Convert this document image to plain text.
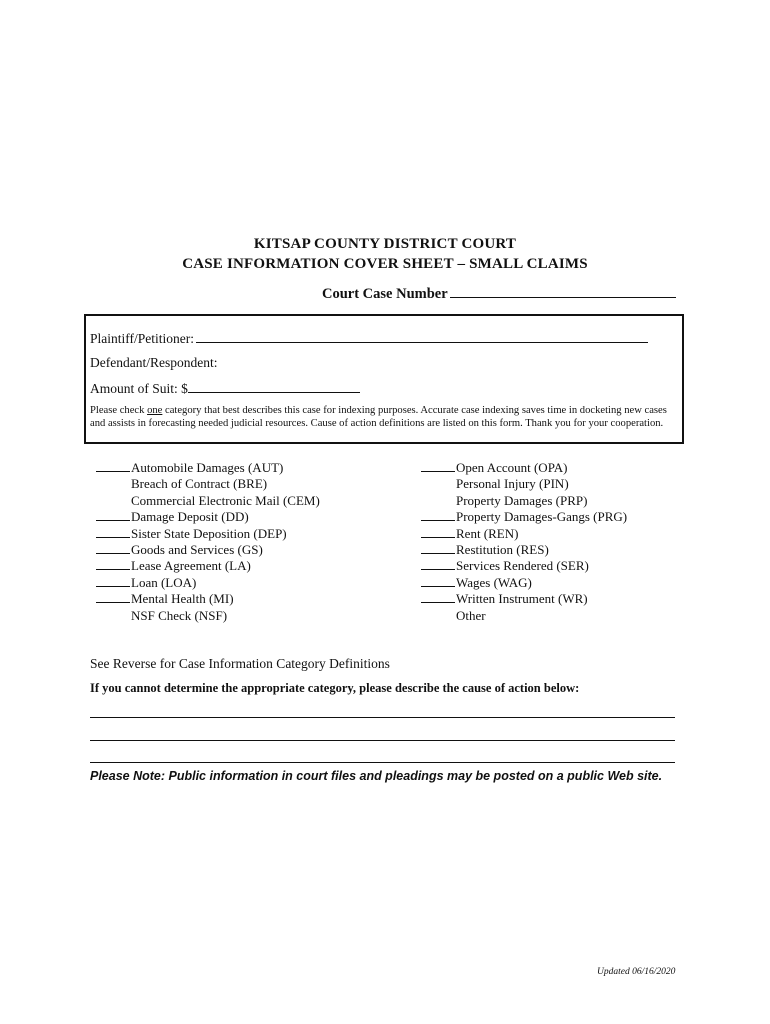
KITSAP COUNTY DISTRICT COURT
CASE INFORMATION COVER SHEET – SMALL CLAIMS
Court Case Number
Plaintiff/Petitioner:
Defendant/Respondent:
Amount of Suit: $

Please check one category that best describes this case for indexing purposes. Accurate case indexing saves time in docketing new cases and assists in forecasting needed judicial resources. Cause of action definitions are listed on this form. Thank you for your cooperation.

Automobile Damages (AUT)
Breach of Contract (BRE)
Commercial Electronic Mail (CEM)
Damage Deposit (DD)
Sister State Deposition (DEP)
Goods and Services (GS)
Lease Agreement (LA)
Loan (LOA)
Mental Health (MI)
NSF Check (NSF)
Open Account (OPA)
Personal Injury (PIN)
Property Damages (PRP)
Property Damages-Gangs (PRG)
Rent (REN)
Restitution (RES)
Services Rendered (SER)
Wages (WAG)
Written Instrument (WR)
Other
See Reverse for Case Information Category Definitions
If you cannot determine the appropriate category, please describe the cause of action below:
Please Note: Public information in court files and pleadings may be posted on a public Web site.
Updated 06/16/2020
